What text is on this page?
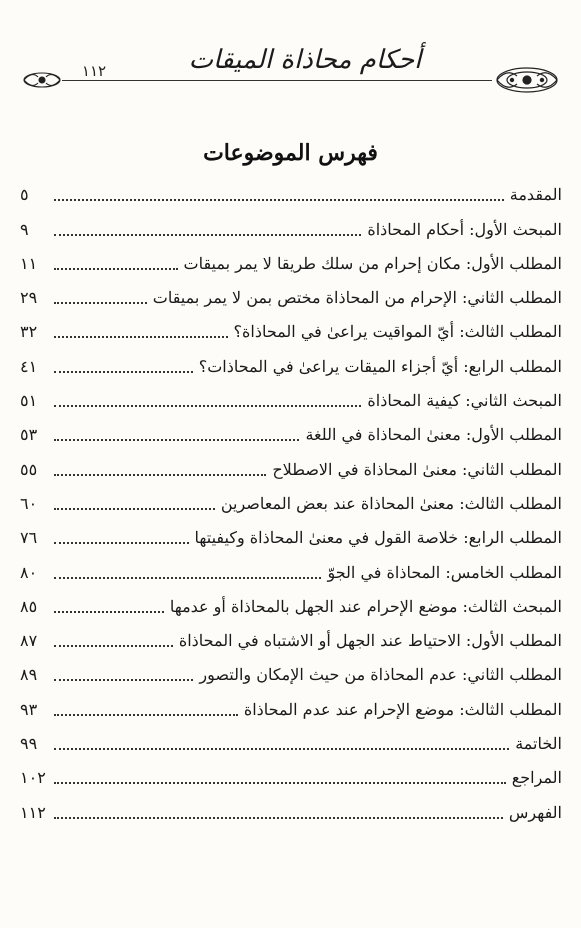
أحكام محاذاة الميقات
١١٢
فهرس الموضوعات
المقدمة
٥
المبحث الأول: أحكام المحاذاة
٩
المطلب الأول: مكان إحرام من سلك طريقا لا يمر بميقات
١١
المطلب الثاني: الإحرام من المحاذاة مختص بمن لا يمر بميقات
٢٩
المطلب الثالث: أيّ المواقيت يراعىٰ في المحاذاة؟
٣٢
المطلب الرابع: أيّ أجزاء الميقات يراعىٰ في المحاذات؟
٤١
المبحث الثاني: كيفية المحاذاة
٥١
المطلب الأول: معنىٰ المحاذاة في اللغة
٥٣
المطلب الثاني: معنىٰ المحاذاة في الاصطلاح
٥٥
المطلب الثالث: معنىٰ المحاذاة عند بعض المعاصرين
٦٠
المطلب الرابع: خلاصة القول في معنىٰ المحاذاة وكيفيتها
٧٦
المطلب الخامس: المحاذاة في الجوّ
٨٠
المبحث الثالث: موضع الإحرام عند الجهل بالمحاذاة أو عدمها
٨٥
المطلب الأول: الاحتياط عند الجهل أو الاشتباه في المحاذاة
٨٧
المطلب الثاني: عدم المحاذاة من حيث الإمكان والتصور
٨٩
المطلب الثالث: موضع الإحرام عند عدم المحاذاة
٩٣
الخاتمة
٩٩
المراجع
١٠٢
الفهرس
١١٢
